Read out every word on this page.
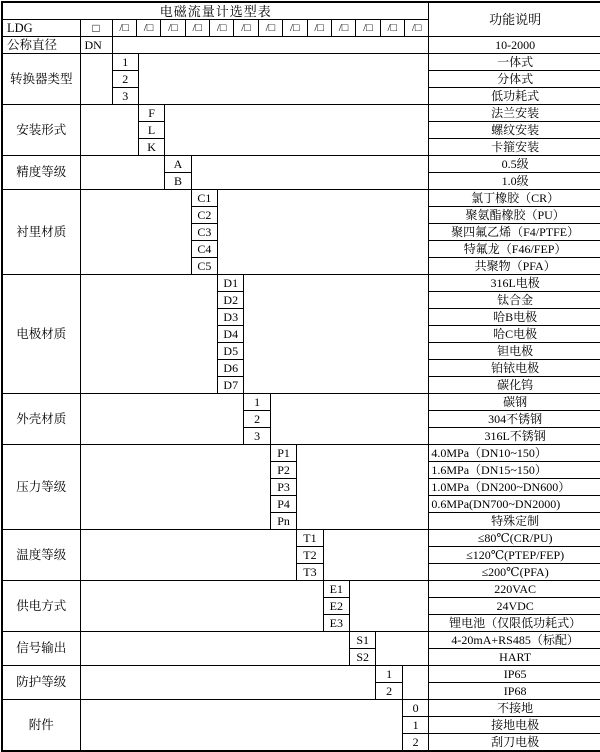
电磁流量计选型表														功能说明
LDG	□	/□	/□	/□	/□	/□	/□	/□	/□	/□	/□	/□	/□	/□

公称直径	DN													10-2000
转换器类型		1												一体式
		2												分体式
		3												低功耗式
安装形式			F											法兰安装
			L											螺纹安装
			K											卡箍安装
精度等级				A										0.5级
				B										1.0级
衬里材质					C1									氯丁橡胶（CR）
					C2									聚氨酯橡胶（PU）
					C3									聚四氟乙烯（F4/PTFE）
					C4									特氟龙（F46/FEP）
					C5									共聚物（PFA）
电极材质						D1								316L电极
						D2								钛合金
						D3								哈B电极
						D4								哈C电极
						D5								钽电极
						D6								铂铱电极
						D7								碳化钨
外壳材质							1							碳钢
							2							304不锈钢
							3							316L不锈钢
压力等级								P1						4.0MPa（DN10~150）
								P2						1.6MPa（DN15~150）
								P3						1.0MPa（DN200~DN600）
								P4						0.6MPa(DN700~DN2000)
								Pn						特殊定制
温度等级									T1					≤80℃(CR/PU)
									T2					≤120℃(PTEP/FEP)
									T3					≤200℃(PFA)
供电方式										E1				220VAC
										E2				24VDC
										E3				锂电池（仅限低功耗式）
信号输出											S1			4-20mA+RS485（标配）
											S2			HART
防护等级												1		IP65
												2		IP68
附件													0	不接地
													1	接地电极
													2	刮刀电极
